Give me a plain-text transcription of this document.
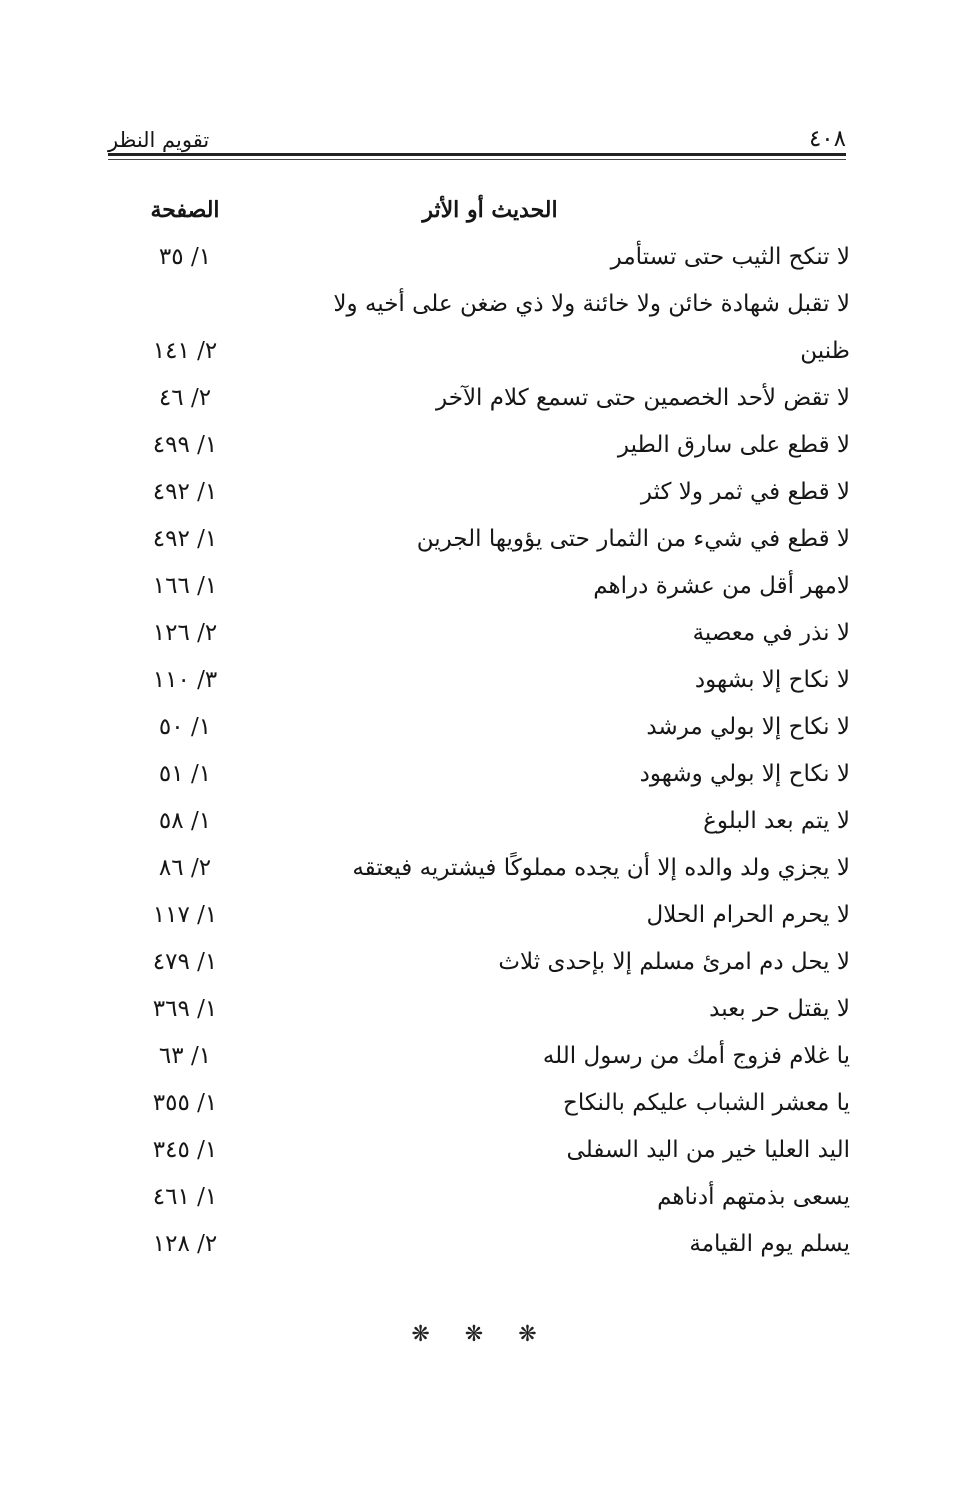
تقويم النظر	٤٠٨
الحديث أو الأثر
الصفحة
لا تنكح الثيب حتى تستأمر
١/ ٣٥
لا تقبل شهادة خائن ولا خائنة ولا ذي ضغن على أخيه ولا
ظنين
٢/ ١٤١
لا تقض لأحد الخصمين حتى تسمع كلام الآخر
٢/ ٤٦
لا قطع على سارق الطير
١/ ٤٩٩
لا قطع في ثمر ولا كثر
١/ ٤٩٢
لا قطع في شيء من الثمار حتى يؤويها الجرين
١/ ٤٩٢
لامهر أقل من عشرة دراهم
١/ ١٦٦
لا نذر في معصية
٢/ ١٢٦
لا نكاح إلا بشهود
٣/ ١١٠
لا نكاح إلا بولي مرشد
١/ ٥٠
لا نكاح إلا بولي وشهود
١/ ٥١
لا يتم بعد البلوغ
١/ ٥٨
لا يجزي ولد والده إلا أن يجده مملوكًا فيشتريه فيعتقه
٢/ ٨٦
لا يحرم الحرام الحلال
١/ ١١٧
لا يحل دم امرئ مسلم إلا بإحدى ثلاث
١/ ٤٧٩
لا يقتل حر بعبد
١/ ٣٦٩
يا غلام فزوج أمك من رسول الله
١/ ٦٣
يا معشر الشباب عليكم بالنكاح
١/ ٣٥٥
اليد العليا خير من اليد السفلى
١/ ٣٤٥
يسعى بذمتهم أدناهم
١/ ٤٦١
يسلم يوم القيامة
٢/ ١٢٨
❋ ❋ ❋
